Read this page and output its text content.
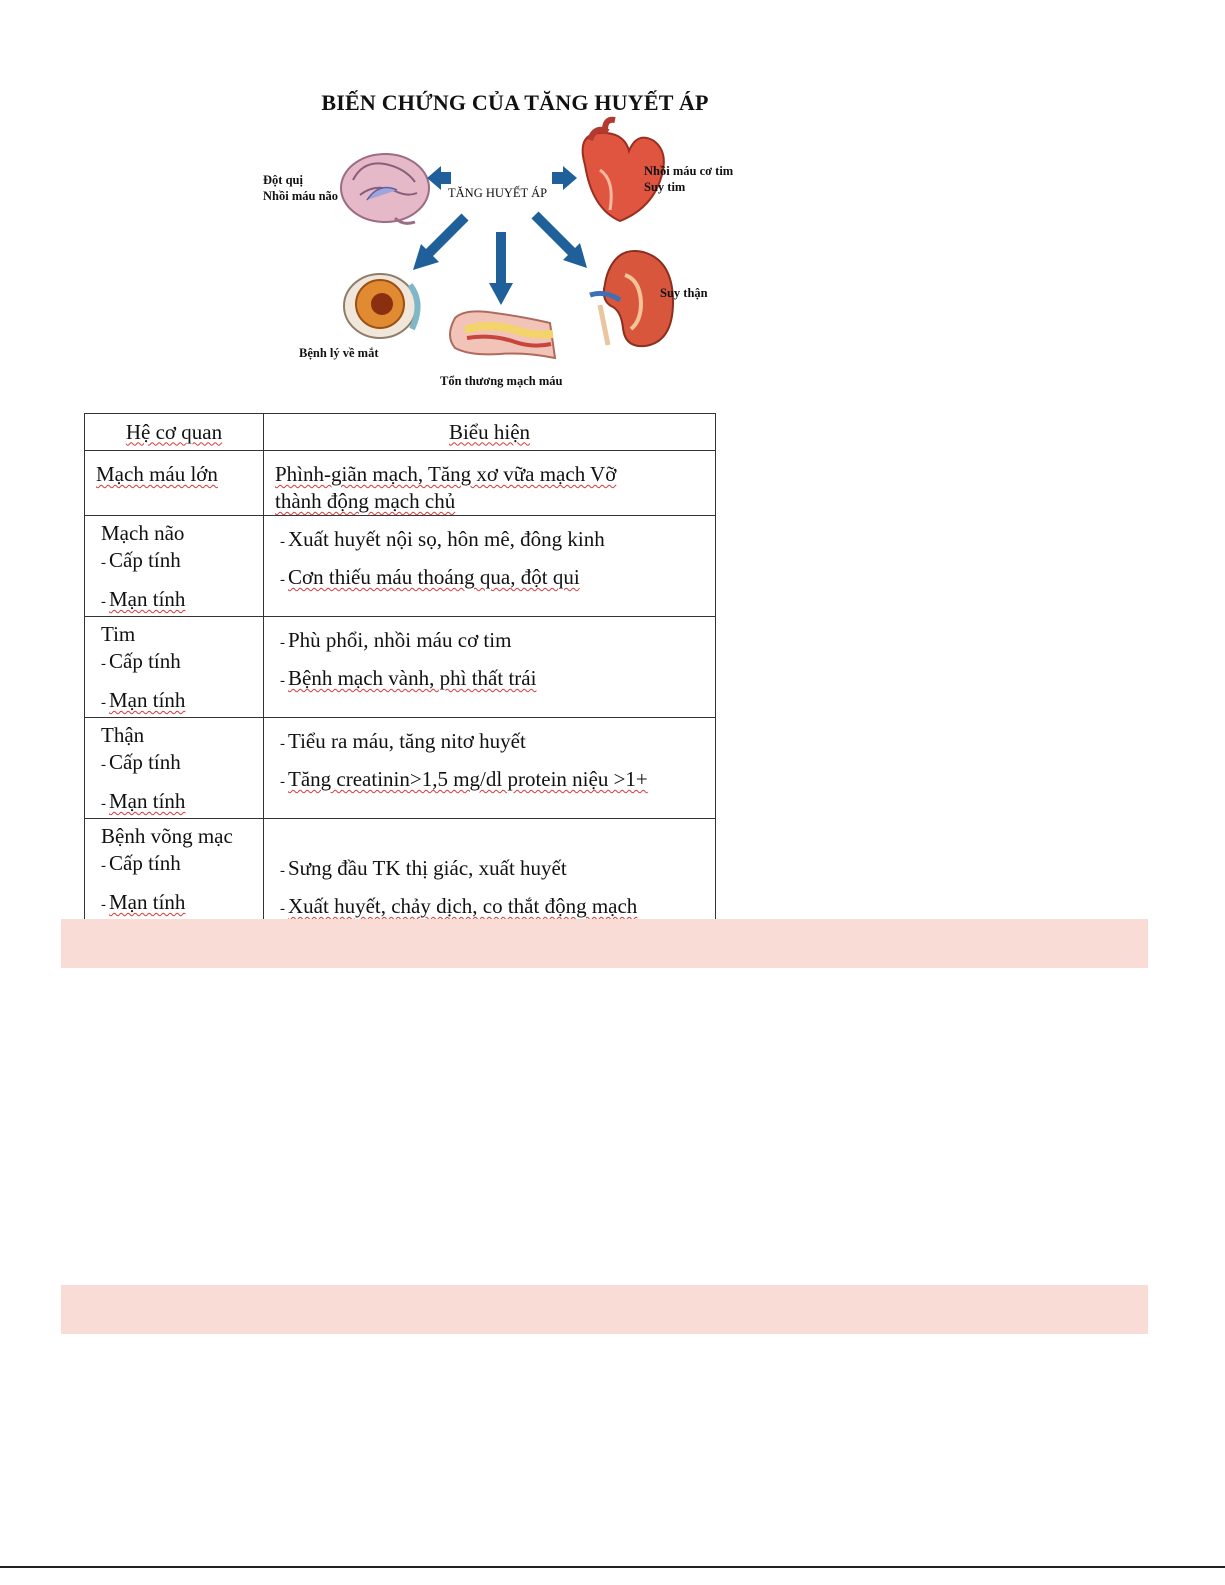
BIẾN CHỨNG CỦA TĂNG HUYẾT ÁP
TĂNG HUYẾT ÁP
Đột quị
Nhồi máu não
Nhồi máu cơ tim
Suy tim
Suy thận
Bệnh lý về mắt
Tổn thương mạch máu
Hệ cơ quan	Biểu hiện
Mạch máu lớn	Phình-giãn mạch, Tăng xơ vữa mạch Vỡ
thành động mạch chủ

Mạch não
- Cấp tính
- Mạn tính	- Xuất huyết nội sọ, hôn mê, đông kinh
- Cơn thiếu máu thoáng qua, đột qui

Tim
- Cấp tính
- Mạn tính	- Phù phổi, nhồi máu cơ tim
- Bệnh mạch vành, phì thất trái

Thận
- Cấp tính
- Mạn tính	- Tiểu ra máu, tăng nitơ huyết
- Tăng creatinin>1,5 mg/dl protein niệu >1+

Bệnh võng mạc
- Cấp tính
- Mạn tính	- Sưng đầu TK thị giác, xuất huyết
- Xuất huyết, chảy dịch, co thắt động mạch
